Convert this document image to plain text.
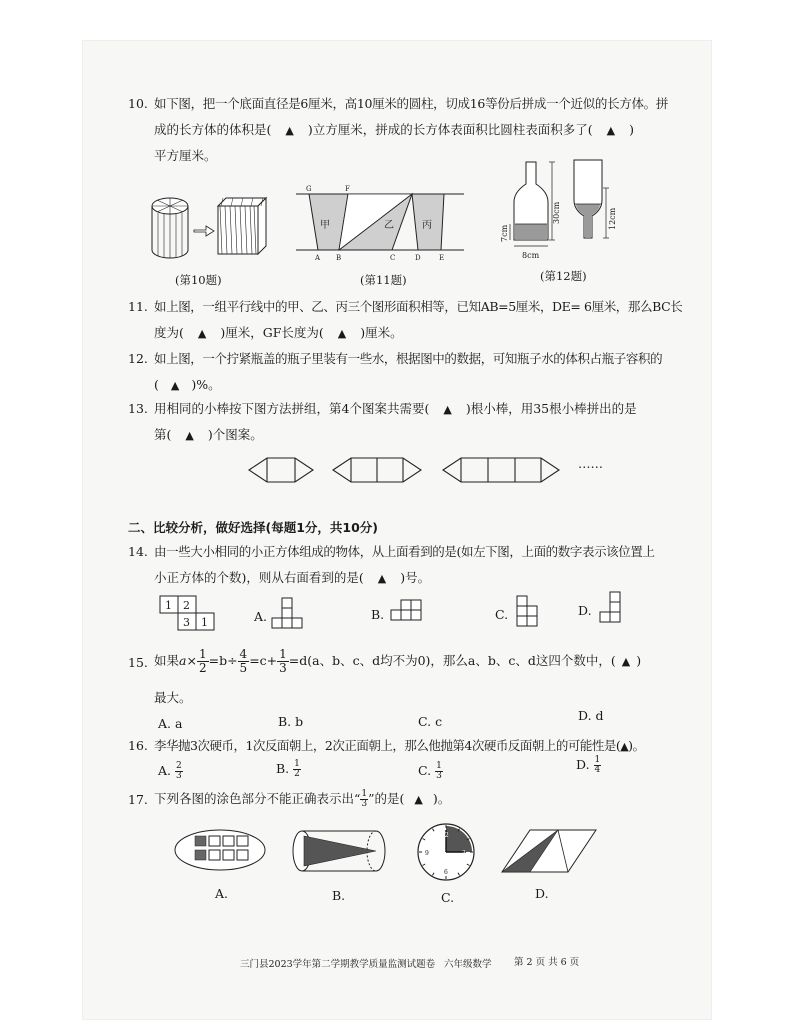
10. 如下图，把一个底面直径是6厘米，高10厘米的圆柱，切成16等份后拼成一个近似的长方体。拼
成的长方体的体积是( ▲ )立方厘米，拼成的长方体表面积比圆柱表面积多了( ▲ )
平方厘米。
(第10题)
G	F
甲	乙	丙
A B	C	D	E
(第11题)
30cm
7cm
12cm
8cm
(第12题)
11. 如上图，一组平行线中的甲、乙、丙三个图形面积相等，已知AB=5厘米，DE= 6厘米，那么BC长
度为( ▲ )厘米，GF长度为( ▲ )厘米。
12. 如上图，一个拧紧瓶盖的瓶子里装有一些水，根据图中的数据，可知瓶子水的体积占瓶子容积的
( ▲ )%。
13. 用相同的小棒按下图方法拼组，第4个图案共需要( ▲ )根小棒，用35根小棒拼出的是
第( ▲ )个图案。
……
二、比较分析，做好选择(每题1分，共10分)
14. 由一些大小相同的小正方体组成的物体，从上面看到的是(如左下图，上面的数字表示该位置上
小正方体的个数)，则从右面看到的是( ▲ )号。
1 2
3 1	A.	B.	C.	D.
15. 如果$a\times \frac{1}{2} =b\div \frac{4}{5} =c+ \frac{1}{3} =d(a$、b、c、d均不为0)，那么a、b、c、d这四个数中，( ▲ )
最大。
A. a	B. b	C. c	D. d
16. 李华抛3次硬币，1次反面朝上，2次正面朝上，那么他抛第4次硬币反面朝上的可能性是(▲)。
A. $\frac{2}{3}$	B. $\frac{1}{2}$	C. $\frac{1}{3}$	D. $\frac{1}{4}$
17. 下列各图的涂色部分不能正确表示出“ $\frac{1}{3}$ ”的是( ▲ )。
A.	B.
12
3
6
9
C.	D.
三门县2023学年第二学期教学质量监测试题卷 六年级数学 第 2 页 共 6 页
